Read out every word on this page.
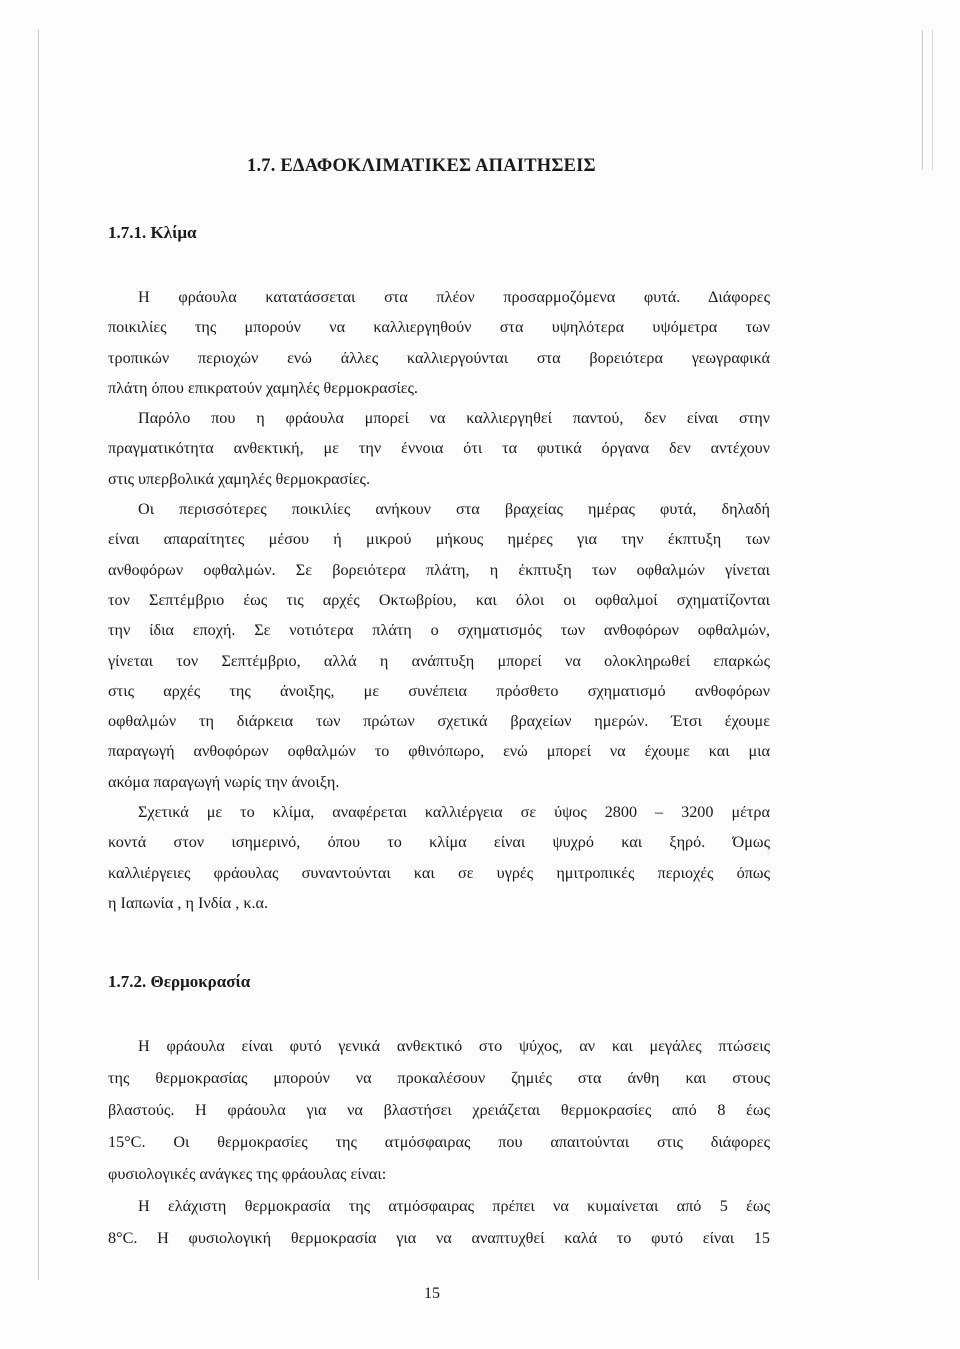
1.7. ΕΔΑΦΟΚΛΙΜΑΤΙΚΕΣ ΑΠΑΙΤΗΣΕΙΣ
1.7.1. Κλίμα
Η φράουλα κατατάσσεται στα πλέον προσαρμοζόμενα φυτά. Διάφορες
ποικιλίες της μπορούν να καλλιεργηθούν στα υψηλότερα υψόμετρα των
τροπικών περιοχών ενώ άλλες καλλιεργούνται στα βορειότερα γεωγραφικά
πλάτη όπου επικρατούν χαμηλές θερμοκρασίες.
Παρόλο που η φράουλα μπορεί να καλλιεργηθεί παντού, δεν είναι στην
πραγματικότητα ανθεκτική, με την έννοια ότι τα φυτικά όργανα δεν αντέχουν
στις υπερβολικά χαμηλές θερμοκρασίες.
Οι περισσότερες ποικιλίες ανήκουν στα βραχείας ημέρας φυτά, δηλαδή
είναι απαραίτητες μέσου ή μικρού μήκους ημέρες για την έκπτυξη των
ανθοφόρων οφθαλμών. Σε βορειότερα πλάτη, η έκπτυξη των οφθαλμών γίνεται
τον Σεπτέμβριο έως τις αρχές Οκτωβρίου, και όλοι οι οφθαλμοί σχηματίζονται
την ίδια εποχή. Σε νοτιότερα πλάτη ο σχηματισμός των ανθοφόρων οφθαλμών,
γίνεται τον Σεπτέμβριο, αλλά η ανάπτυξη μπορεί να ολοκληρωθεί επαρκώς
στις αρχές της άνοιξης, με συνέπεια πρόσθετο σχηματισμό ανθοφόρων
οφθαλμών τη διάρκεια των πρώτων σχετικά βραχείων ημερών. Έτσι έχουμε
παραγωγή ανθοφόρων οφθαλμών το φθινόπωρο, ενώ μπορεί να έχουμε και μια
ακόμα παραγωγή νωρίς την άνοιξη.
Σχετικά με το κλίμα, αναφέρεται καλλιέργεια σε ύψος 2800 – 3200 μέτρα
κοντά στον ισημερινό, όπου το κλίμα είναι ψυχρό και ξηρό. Όμως
καλλιέργειες φράουλας συναντούνται και σε υγρές ημιτροπικές περιοχές όπως
η Ιαπωνία , η Ινδία , κ.α.
1.7.2. Θερμοκρασία
Η φράουλα είναι φυτό γενικά ανθεκτικό στο ψύχος, αν και μεγάλες πτώσεις
της θερμοκρασίας μπορούν να προκαλέσουν ζημιές στα άνθη και στους
βλαστούς. Η φράουλα για να βλαστήσει χρειάζεται θερμοκρασίες από 8 έως
15°C. Οι θερμοκρασίες της ατμόσφαιρας που απαιτούνται στις διάφορες
φυσιολογικές ανάγκες της φράουλας είναι:
Η ελάχιστη θερμοκρασία της ατμόσφαιρας πρέπει να κυμαίνεται από 5 έως
8°C. Η φυσιολογική θερμοκρασία για να αναπτυχθεί καλά το φυτό είναι 15
15
